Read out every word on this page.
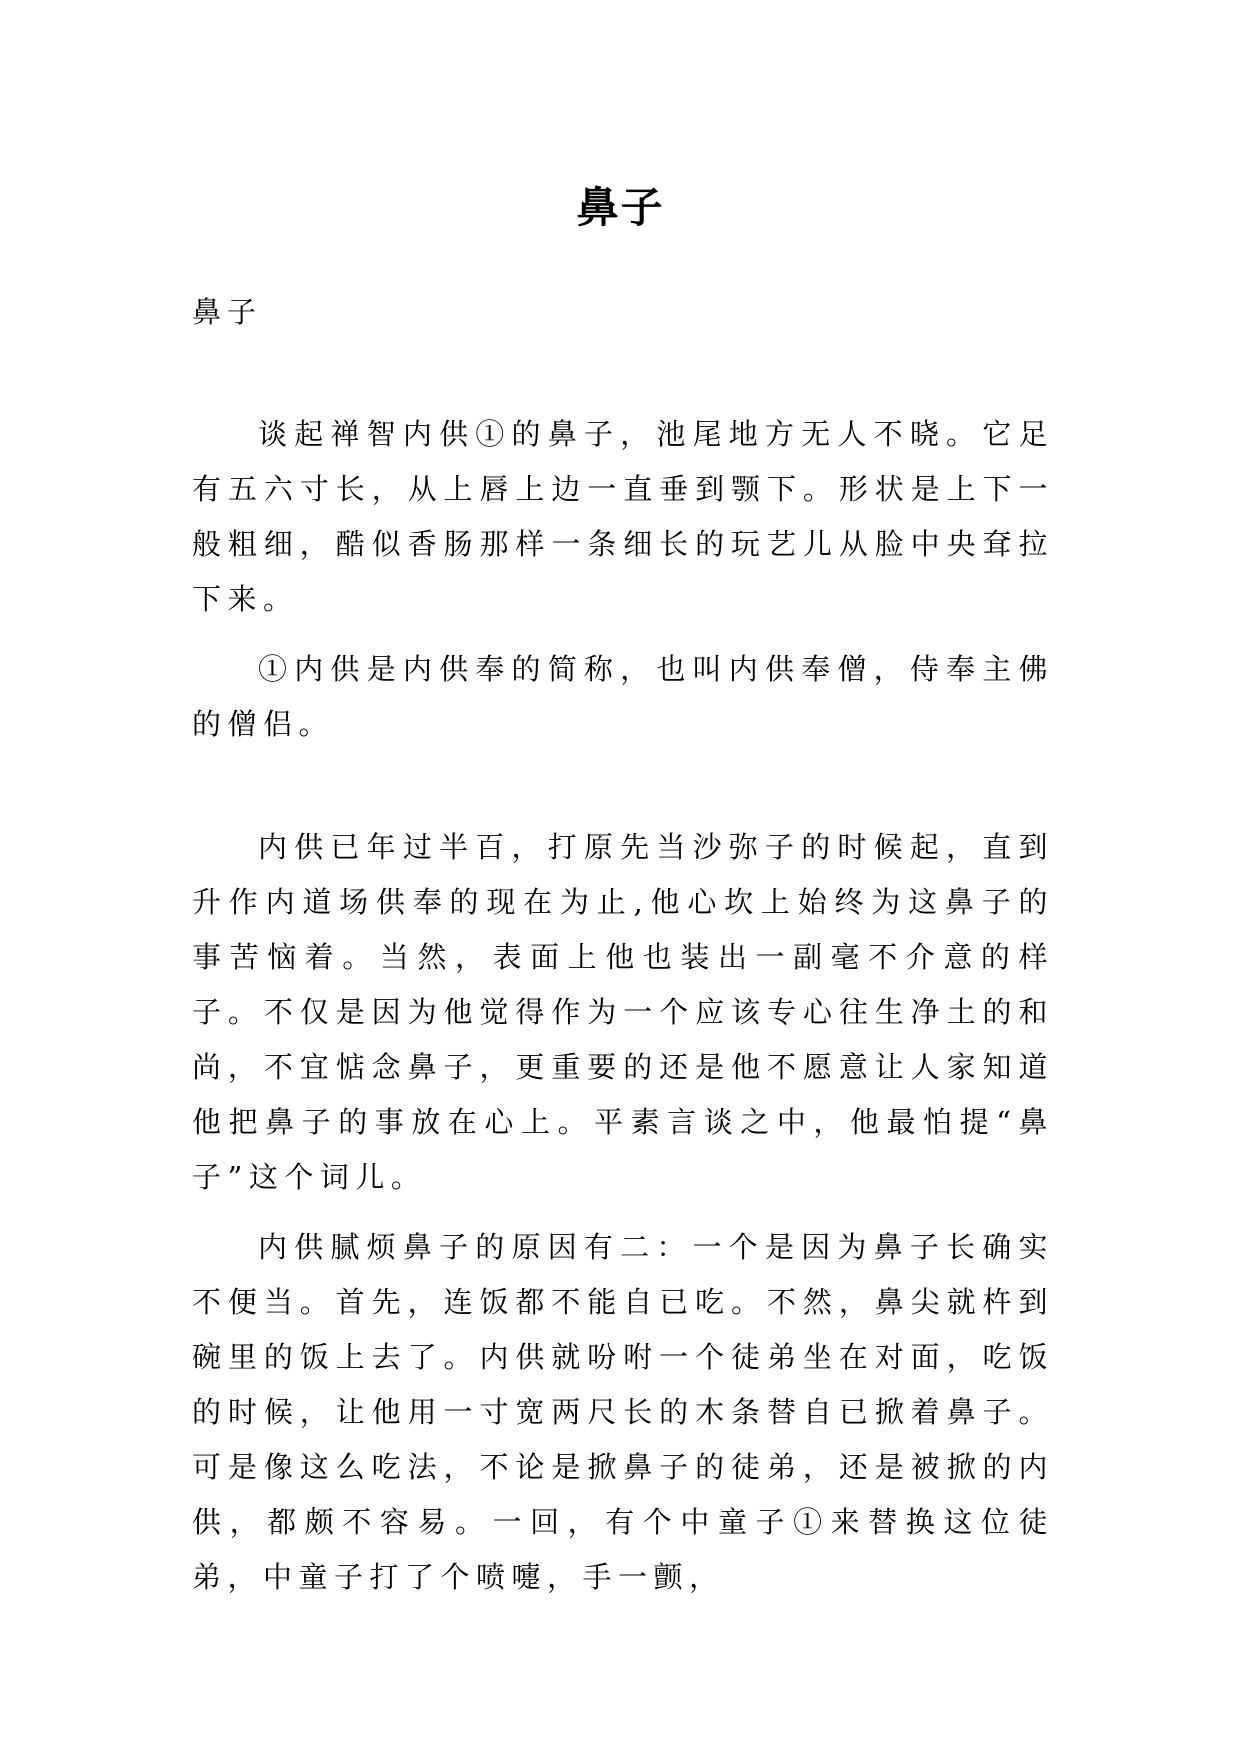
鼻子
鼻子

谈起禅智内供①的鼻子，池尾地方无人不晓。它足有五六寸长，从上唇上边一直垂到颚下。形状是上下一般粗细，酷似香肠那样一条细长的玩艺儿从脸中央耷拉下来。

①内供是内供奉的简称，也叫内供奉僧，侍奉主佛的僧侣。

内供已年过半百，打原先当沙弥子的时候起，直到升作内道场供奉的现在为止,他心坎上始终为这鼻子的事苦恼着。当然，表面上他也装出一副毫不介意的样子。不仅是因为他觉得作为一个应该专心往生净土的和尚，不宜惦念鼻子，更重要的还是他不愿意让人家知道他把鼻子的事放在心上。平素言谈之中，他最怕提“鼻子”这个词儿。

内供腻烦鼻子的原因有二：一个是因为鼻子长确实不便当。首先，连饭都不能自已吃。不然，鼻尖就杵到碗里的饭上去了。内供就吩咐一个徒弟坐在对面，吃饭的时候，让他用一寸宽两尺长的木条替自已掀着鼻子。可是像这么吃法，不论是掀鼻子的徒弟，还是被掀的内供，都颇不容易。一回，有个中童子①来替换这位徒弟，中童子打了个喷嚏，手一颤，
